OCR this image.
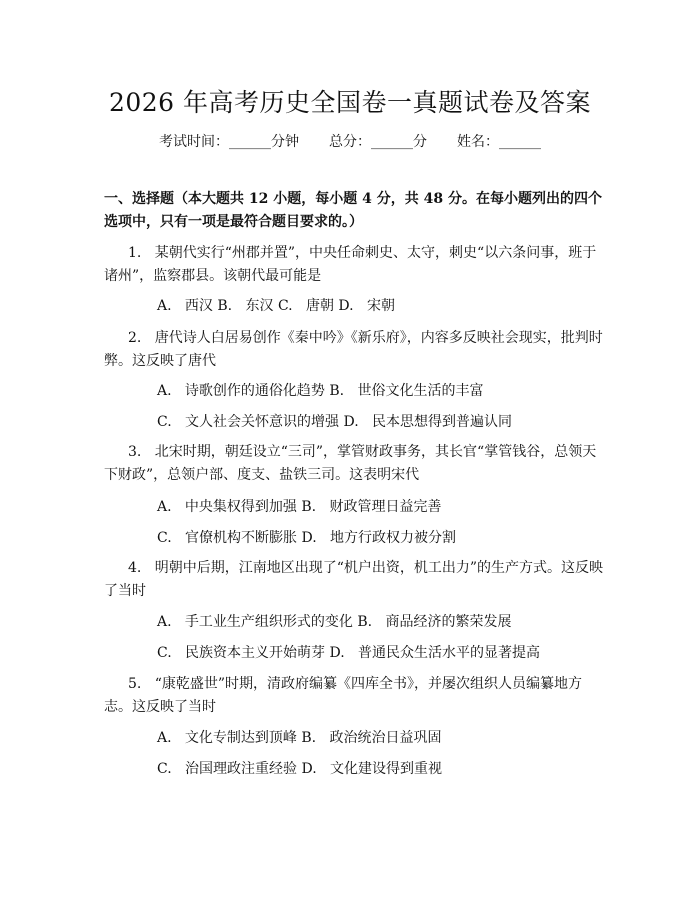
2026 年高考历史全国卷一真题试卷及答案
考试时间：______分钟 总分：______分 姓名：______
一、选择题（本大题共 12 小题，每小题 4 分，共 48 分。在每小题列出的四个选项中，只有一项是最符合题目要求的。）
1. 某朝代实行“州郡并置”，中央任命刺史、太守，刺史“以六条问事，班于诸州”，监察郡县。该朝代最可能是
A. 西汉 B. 东汉 C. 唐朝 D. 宋朝
2. 唐代诗人白居易创作《秦中吟》《新乐府》，内容多反映社会现实，批判时弊。这反映了唐代
A. 诗歌创作的通俗化趋势 B. 世俗文化生活的丰富
C. 文人社会关怀意识的增强 D. 民本思想得到普遍认同
3. 北宋时期，朝廷设立“三司”，掌管财政事务，其长官“掌管钱谷，总领天下财政”，总领户部、度支、盐铁三司。这表明宋代
A. 中央集权得到加强 B. 财政管理日益完善
C. 官僚机构不断膨胀 D. 地方行政权力被分割
4. 明朝中后期，江南地区出现了“机户出资，机工出力”的生产方式。这反映了当时
A. 手工业生产组织形式的变化 B. 商品经济的繁荣发展
C. 民族资本主义开始萌芽 D. 普通民众生活水平的显著提高
5. “康乾盛世”时期，清政府编纂《四库全书》，并屡次组织人员编纂地方志。这反映了当时
A. 文化专制达到顶峰 B. 政治统治日益巩固
C. 治国理政注重经验 D. 文化建设得到重视
